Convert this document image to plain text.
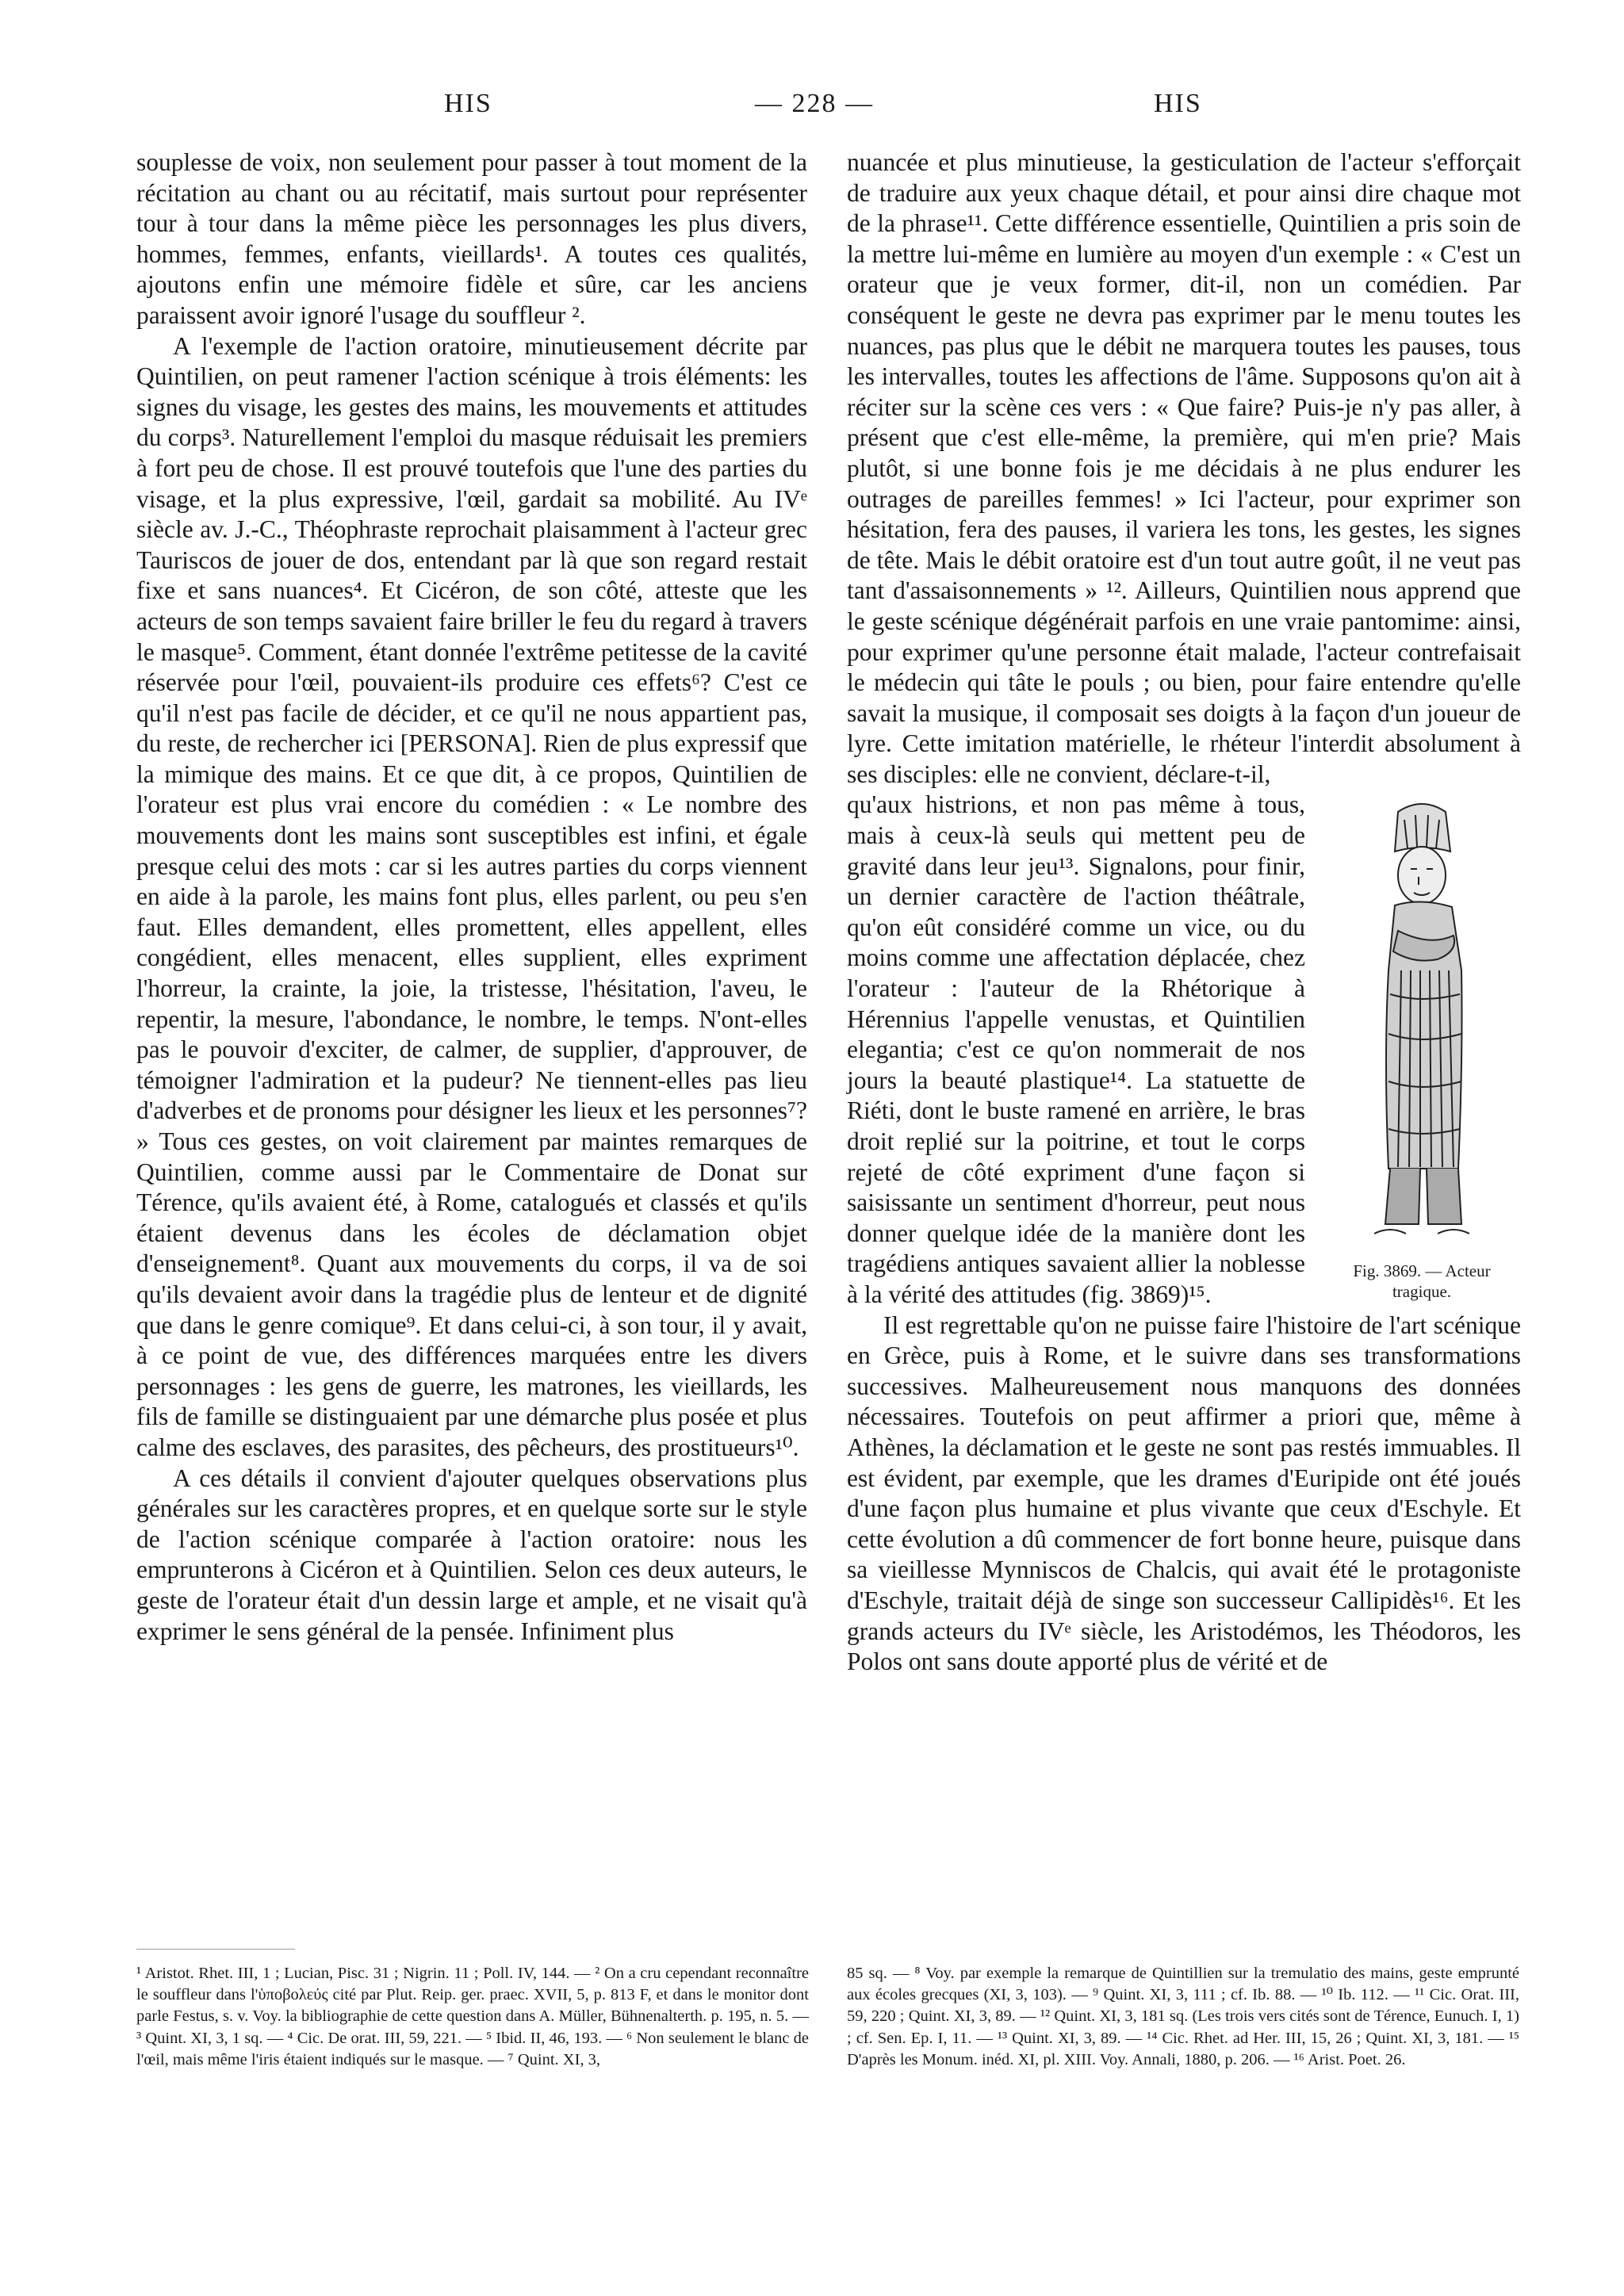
HIS	— 228 —	HIS

souplesse de voix, non seulement pour passer à tout moment de la récitation au chant ou au récitatif, mais surtout pour représenter tour à tour dans la même pièce les personnages les plus divers, hommes, femmes, enfants, vieillards¹. A toutes ces qualités, ajoutons enfin une mémoire fidèle et sûre, car les anciens paraissent avoir ignoré l'usage du souffleur ².

A l'exemple de l'action oratoire, minutieusement décrite par Quintilien, on peut ramener l'action scénique à trois éléments: les signes du visage, les gestes des mains, les mouvements et attitudes du corps³. Naturellement l'emploi du masque réduisait les premiers à fort peu de chose. Il est prouvé toutefois que l'une des parties du visage, et la plus expressive, l'œil, gardait sa mobilité. Au IVᵉ siècle av. J.-C., Théophraste reprochait plaisamment à l'acteur grec Tauriscos de jouer de dos, entendant par là que son regard restait fixe et sans nuances⁴. Et Cicéron, de son côté, atteste que les acteurs de son temps savaient faire briller le feu du regard à travers le masque⁵. Comment, étant donnée l'extrême petitesse de la cavité réservée pour l'œil, pouvaient-ils produire ces effets⁶? C'est ce qu'il n'est pas facile de décider, et ce qu'il ne nous appartient pas, du reste, de rechercher ici [PERSONA]. Rien de plus expressif que la mimique des mains. Et ce que dit, à ce propos, Quintilien de l'orateur est plus vrai encore du comédien : « Le nombre des mouvements dont les mains sont susceptibles est infini, et égale presque celui des mots : car si les autres parties du corps viennent en aide à la parole, les mains font plus, elles parlent, ou peu s'en faut. Elles demandent, elles promettent, elles appellent, elles congédient, elles menacent, elles supplient, elles expriment l'horreur, la crainte, la joie, la tristesse, l'hésitation, l'aveu, le repentir, la mesure, l'abondance, le nombre, le temps. N'ont-elles pas le pouvoir d'exciter, de calmer, de supplier, d'approuver, de témoigner l'admiration et la pudeur? Ne tiennent-elles pas lieu d'adverbes et de pronoms pour désigner les lieux et les personnes⁷? » Tous ces gestes, on voit clairement par maintes remarques de Quintilien, comme aussi par le Commentaire de Donat sur Térence, qu'ils avaient été, à Rome, catalogués et classés et qu'ils étaient devenus dans les écoles de déclamation objet d'enseignement⁸. Quant aux mouvements du corps, il va de soi qu'ils devaient avoir dans la tragédie plus de lenteur et de dignité que dans le genre comique⁹. Et dans celui-ci, à son tour, il y avait, à ce point de vue, des différences marquées entre les divers personnages : les gens de guerre, les matrones, les vieillards, les fils de famille se distinguaient par une démarche plus posée et plus calme des esclaves, des parasites, des pêcheurs, des prostitueurs¹⁰.

A ces détails il convient d'ajouter quelques observations plus générales sur les caractères propres, et en quelque sorte sur le style de l'action scénique comparée à l'action oratoire: nous les emprunterons à Cicéron et à Quintilien. Selon ces deux auteurs, le geste de l'orateur était d'un dessin large et ample, et ne visait qu'à exprimer le sens général de la pensée. Infiniment plus

nuancée et plus minutieuse, la gesticulation de l'acteur s'efforçait de traduire aux yeux chaque détail, et pour ainsi dire chaque mot de la phrase¹¹. Cette différence essentielle, Quintilien a pris soin de la mettre lui-même en lumière au moyen d'un exemple : « C'est un orateur que je veux former, dit-il, non un comédien. Par conséquent le geste ne devra pas exprimer par le menu toutes les nuances, pas plus que le débit ne marquera toutes les pauses, tous les intervalles, toutes les affections de l'âme. Supposons qu'on ait à réciter sur la scène ces vers : « Que faire? Puis-je n'y pas aller, à présent que c'est elle-même, la première, qui m'en prie? Mais plutôt, si une bonne fois je me décidais à ne plus endurer les outrages de pareilles femmes! » Ici l'acteur, pour exprimer son hésitation, fera des pauses, il variera les tons, les gestes, les signes de tête. Mais le débit oratoire est d'un tout autre goût, il ne veut pas tant d'assaisonnements » ¹². Ailleurs, Quintilien nous apprend que le geste scénique dégénérait parfois en une vraie pantomime: ainsi, pour exprimer qu'une personne était malade, l'acteur contrefaisait le médecin qui tâte le pouls ; ou bien, pour faire entendre qu'elle savait la musique, il composait ses doigts à la façon d'un joueur de lyre. Cette imitation matérielle, le rhéteur l'interdit absolument à ses disciples: elle ne convient, déclare-t-il,

Fig. 3869. — Acteur tragique.

qu'aux histrions, et non pas même à tous, mais à ceux-là seuls qui mettent peu de gravité dans leur jeu¹³. Signalons, pour finir, un dernier caractère de l'action théâtrale, qu'on eût considéré comme un vice, ou du moins comme une affectation déplacée, chez l'orateur : l'auteur de la Rhétorique à Hérennius l'appelle venustas, et Quintilien elegantia; c'est ce qu'on nommerait de nos jours la beauté plastique¹⁴. La statuette de Riéti, dont le buste ramené en arrière, le bras droit replié sur la poitrine, et tout le corps rejeté de côté expriment d'une façon si saisissante un sentiment d'horreur, peut nous donner quelque idée de la manière dont les tragédiens antiques savaient allier la noblesse à la vérité des attitudes (fig. 3869)¹⁵.

Il est regrettable qu'on ne puisse faire l'histoire de l'art scénique en Grèce, puis à Rome, et le suivre dans ses transformations successives. Malheureusement nous manquons des données nécessaires. Toutefois on peut affirmer a priori que, même à Athènes, la déclamation et le geste ne sont pas restés immuables. Il est évident, par exemple, que les drames d'Euripide ont été joués d'une façon plus humaine et plus vivante que ceux d'Eschyle. Et cette évolution a dû commencer de fort bonne heure, puisque dans sa vieillesse Mynniscos de Chalcis, qui avait été le protagoniste d'Eschyle, traitait déjà de singe son successeur Callipidès¹⁶. Et les grands acteurs du IVᵉ siècle, les Aristodémos, les Théodoros, les Polos ont sans doute apporté plus de vérité et de

¹ Aristot. Rhet. III, 1 ; Lucian, Pisc. 31 ; Nigrin. 11 ; Poll. IV, 144. — ² On a cru cependant reconnaître le souffleur dans l'ὑποβολεύς cité par Plut. Reip. ger. praec. XVII, 5, p. 813 F, et dans le monitor dont parle Festus, s. v. Voy. la bibliographie de cette question dans A. Müller, Bühnenalterth. p. 195, n. 5. — ³ Quint. XI, 3, 1 sq. — ⁴ Cic. De orat. III, 59, 221. — ⁵ Ibid. II, 46, 193. — ⁶ Non seulement le blanc de l'œil, mais même l'iris étaient indiqués sur le masque. — ⁷ Quint. XI, 3,

85 sq. — ⁸ Voy. par exemple la remarque de Quintillien sur la tremulatio des mains, geste emprunté aux écoles grecques (XI, 3, 103). — ⁹ Quint. XI, 3, 111 ; cf. Ib. 88. — ¹⁰ Ib. 112. — ¹¹ Cic. Orat. III, 59, 220 ; Quint. XI, 3, 89. — ¹² Quint. XI, 3, 181 sq. (Les trois vers cités sont de Térence, Eunuch. I, 1) ; cf. Sen. Ep. I, 11. — ¹³ Quint. XI, 3, 89. — ¹⁴ Cic. Rhet. ad Her. III, 15, 26 ; Quint. XI, 3, 181. — ¹⁵ D'après les Monum. inéd. XI, pl. XIII. Voy. Annali, 1880, p. 206. — ¹⁶ Arist. Poet. 26.
